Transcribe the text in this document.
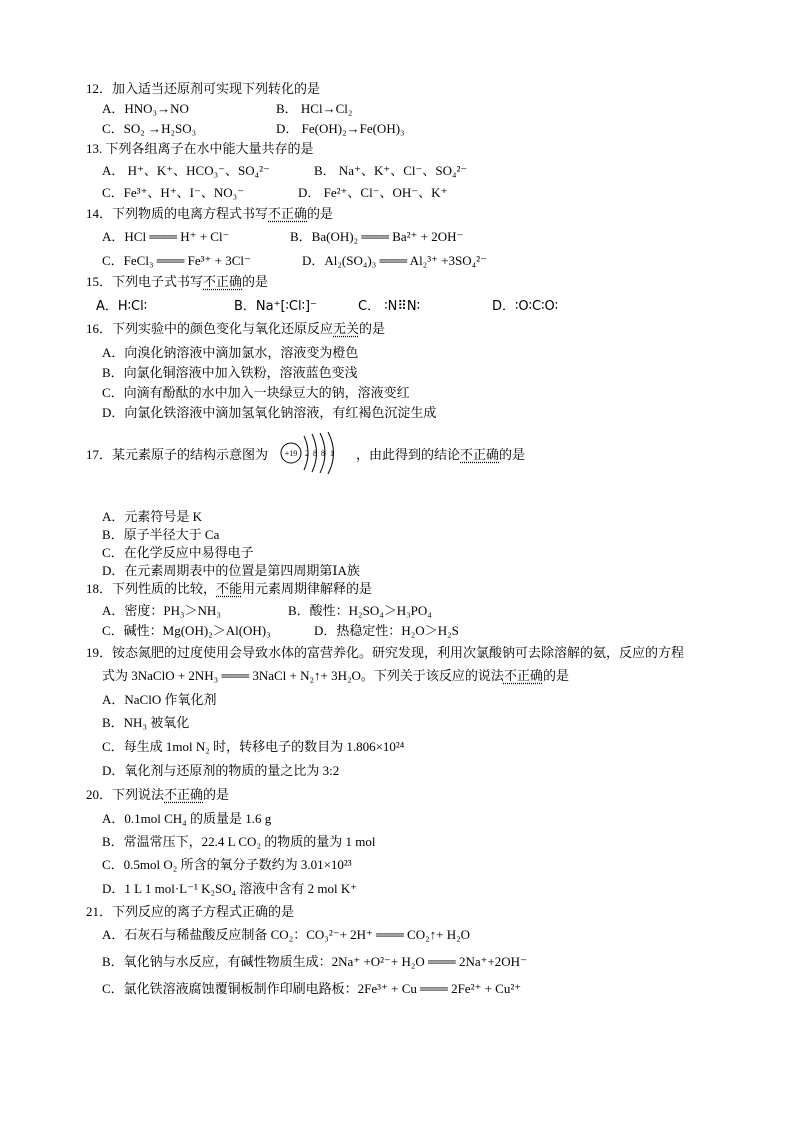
12．加入适当还原剂可实现下列转化的是
A．HNO₃→NO	B． HCl→Cl₂
C．SO₂ →H₂SO₃	D． Fe(OH)₂→Fe(OH)₃
13. 下列各组离子在水中能大量共存的是
A． H⁺、K⁺、HCO₃⁻、SO₄²⁻	B． Na⁺、K⁺、Cl⁻、SO₄²⁻
C．Fe³⁺、H⁺、I⁻、NO₃⁻	D． Fe²⁺、Cl⁻、OH⁻、K⁺
14．下列物质的电离方程式书写不正确的是
A．HCl ═══ H⁺ + Cl⁻	B．Ba(OH)₂ ═══ Ba²⁺ + 2OH⁻
C．FeCl₃ ═══ Fe³⁺ + 3Cl⁻	D．Al₂(SO₄)₃ ═══ Al₂³⁺ +3SO₄²⁻
15．下列电子式书写不正确的是
A．H∶Cl∶	B．Na⁺[∶Cl∶]⁻	C． ∶N⠿N∶	D．∶O∶C∶O∶
16．下列实验中的颜色变化与氧化还原反应无关的是
A．向溴化钠溶液中滴加氯水，溶液变为橙色
B．向氯化铜溶液中加入铁粉，溶液蓝色变浅
C．向滴有酚酞的水中加入一块绿豆大的钠，溶液变红
D．向氯化铁溶液中滴加氢氧化钠溶液，有红褐色沉淀生成
17．某元素原子的结构示意图为 +19 2 8 8 1 ，由此得到的结论不正确的是
A．元素符号是 K
B．原子半径大于 Ca
C．在化学反应中易得电子
D．在元素周期表中的位置是第四周期第ⅠA族
18．下列性质的比较，不能用元素周期律解释的是
A．密度：PH₃＞NH₃	B．酸性：H₂SO₄＞H₃PO₄
C．碱性：Mg(OH)₂＞Al(OH)₃	D．热稳定性：H₂O＞H₂S
19．铵态氮肥的过度使用会导致水体的富营养化。研究发现，利用次氯酸钠可去除溶解的氨，反应的方程
式为 3NaClO + 2NH₃ ═══ 3NaCl + N₂↑+ 3H₂O。下列关于该反应的说法不正确的是
A．NaClO 作氧化剂
B．NH₃ 被氧化
C．每生成 1mol N₂ 时，转移电子的数目为 1.806×10²⁴
D．氧化剂与还原剂的物质的量之比为 3:2
20．下列说法不正确的是
A．0.1mol CH₄ 的质量是 1.6 g
B．常温常压下，22.4 L CO₂ 的物质的量为 1 mol
C．0.5mol O₂ 所含的氧分子数约为 3.01×10²³
D．1 L 1 mol·L⁻¹ K₂SO₄ 溶液中含有 2 mol K⁺
21．下列反应的离子方程式正确的是
A．石灰石与稀盐酸反应制备 CO₂：CO₃²⁻+ 2H⁺ ═══ CO₂↑+ H₂O
B．氧化钠与水反应，有碱性物质生成：2Na⁺ +O²⁻+ H₂O ═══ 2Na⁺+2OH⁻
C．氯化铁溶液腐蚀覆铜板制作印刷电路板：2Fe³⁺ + Cu ═══ 2Fe²⁺ + Cu²⁺
